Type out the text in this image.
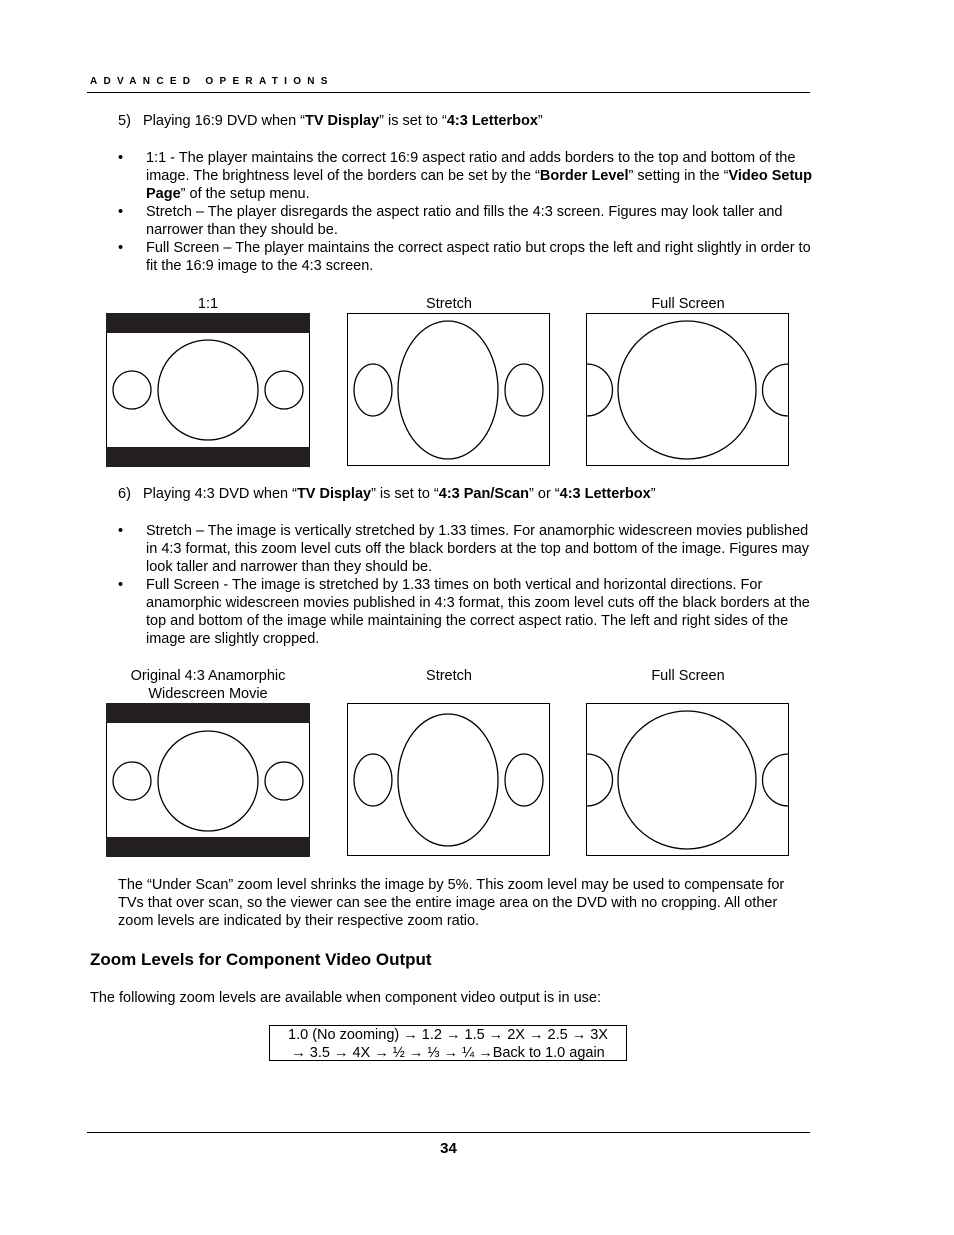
ADVANCED OPERATIONS
5) Playing 16:9 DVD when “TV Display” is set to “4:3 Letterbox”
• 1:1 - The player maintains the correct 16:9 aspect ratio and adds borders to the top and bottom of the image. The brightness level of the borders can be set by the “Border Level” setting in the “Video Setup Page” of the setup menu.
• Stretch – The player disregards the aspect ratio and fills the 4:3 screen. Figures may look taller and narrower than they should be.
• Full Screen – The player maintains the correct aspect ratio but crops the left and right slightly in order to fit the 16:9 image to the 4:3 screen.
1:1	Stretch	Full Screen
6) Playing 4:3 DVD when “TV Display” is set to “4:3 Pan/Scan” or “4:3 Letterbox”
• Stretch – The image is vertically stretched by 1.33 times. For anamorphic widescreen movies published in 4:3 format, this zoom level cuts off the black borders at the top and bottom of the image. Figures may look taller and narrower than they should be.
• Full Screen - The image is stretched by 1.33 times on both vertical and horizontal directions. For anamorphic widescreen movies published in 4:3 format, this zoom level cuts off the black borders at the top and bottom of the image while maintaining the correct aspect ratio. The left and right sides of the image are slightly cropped.
Original 4:3 Anamorphic
Widescreen Movie
Stretch	Full Screen
The “Under Scan” zoom level shrinks the image by 5%. This zoom level may be used to compensate for TVs that over scan, so the viewer can see the entire image area on the DVD with no cropping. All other zoom levels are indicated by their respective zoom ratio.
Zoom Levels for Component Video Output
The following zoom levels are available when component video output is in use:
1.0 (No zooming) → 1.2 → 1.5 → 2X → 2.5 → 3X
→ 3.5 → 4X → ½ → ⅓ → ¼ →Back to 1.0 again
34
